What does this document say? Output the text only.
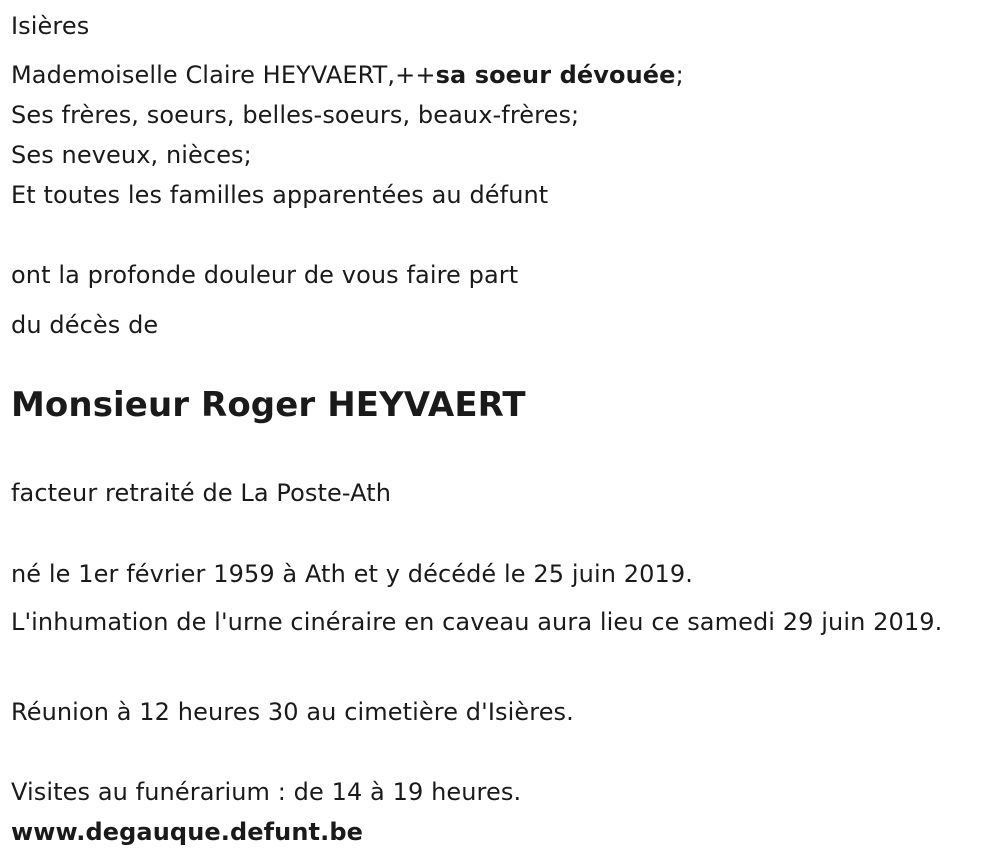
Isières
Mademoiselle Claire HEYVAERT,++sa soeur dévouée;
Ses frères, soeurs, belles-soeurs, beaux-frères;
Ses neveux, nièces;
Et toutes les familles apparentées au défunt
ont la profonde douleur de vous faire part
du décès de
Monsieur Roger HEYVAERT
facteur retraité de La Poste-Ath
né le 1er février 1959 à Ath et y décédé le 25 juin 2019.
L'inhumation de l'urne cinéraire en caveau aura lieu ce samedi 29 juin 2019.
Réunion à 12 heures 30 au cimetière d'Isières.
Visites au funérarium : de 14 à 19 heures.
www.degauque.defunt.be
